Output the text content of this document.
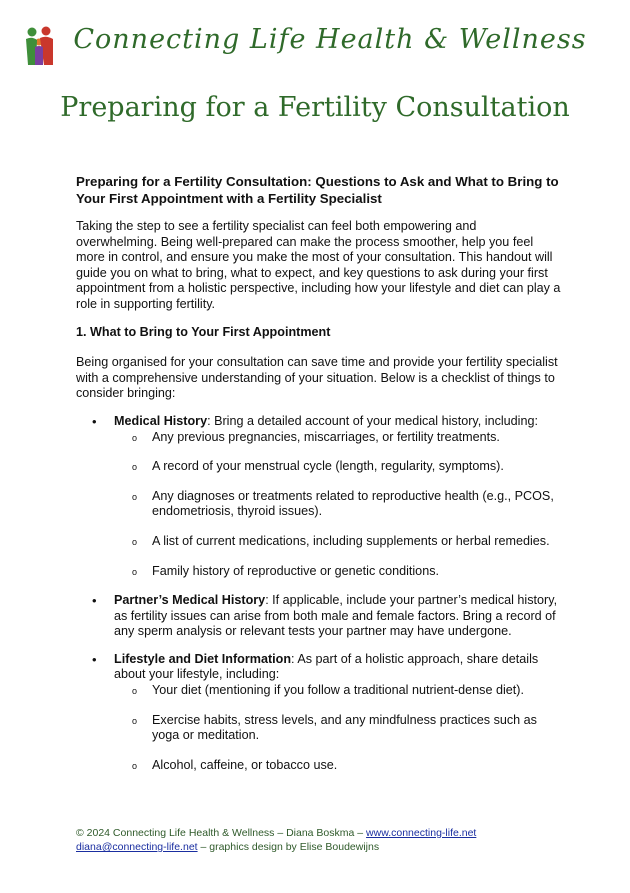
Connecting Life Health & Wellness
Preparing for a Fertility Consultation
Preparing for a Fertility Consultation: Questions to Ask and What to Bring to Your First Appointment with a Fertility Specialist

Taking the step to see a fertility specialist can feel both empowering and overwhelming. Being well-prepared can make the process smoother, help you feel more in control, and ensure you make the most of your consultation. This handout will guide you on what to bring, what to expect, and key questions to ask during your first appointment from a holistic perspective, including how your lifestyle and diet can play a role in supporting fertility.

1. What to Bring to Your First Appointment

Being organised for your consultation can save time and provide your fertility specialist with a comprehensive understanding of your situation. Below is a checklist of things to consider bringing:

• Medical History: Bring a detailed account of your medical history, including:
o Any previous pregnancies, miscarriages, or fertility treatments.
o A record of your menstrual cycle (length, regularity, symptoms).
o Any diagnoses or treatments related to reproductive health (e.g., PCOS, endometriosis, thyroid issues).
o A list of current medications, including supplements or herbal remedies.
o Family history of reproductive or genetic conditions.
• Partner’s Medical History: If applicable, include your partner’s medical history, as fertility issues can arise from both male and female factors. Bring a record of any sperm analysis or relevant tests your partner may have undergone.
• Lifestyle and Diet Information: As part of a holistic approach, share details about your lifestyle, including:
o Your diet (mentioning if you follow a traditional nutrient-dense diet).
o Exercise habits, stress levels, and any mindfulness practices such as yoga or meditation.
o Alcohol, caffeine, or tobacco use.
© 2024 Connecting Life Health & Wellness – Diana Boskma – www.connecting-life.net
diana@connecting-life.net – graphics design by Elise Boudewijns
